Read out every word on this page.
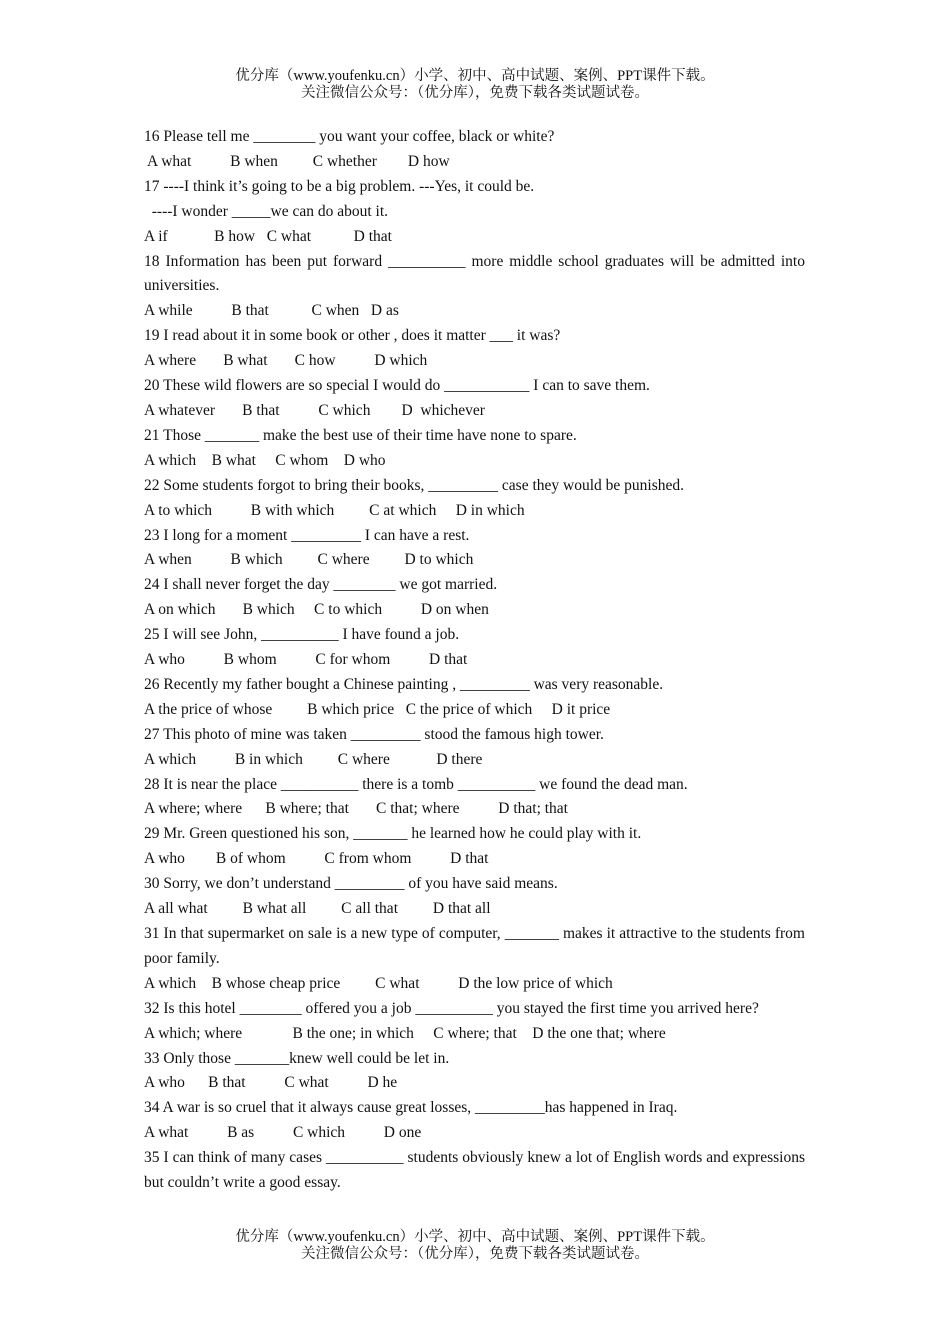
优分库（www.youfenku.cn）小学、初中、高中试题、案例、PPT课件下载。
关注微信公众号：（优分库），免费下载各类试题试卷。

16 Please tell me ________ you want your coffee, black or white?

A what          B when         C whether        D how

17 ----I think it’s going to be a big problem. ---Yes, it could be.

----I wonder _____we can do about it.

A if            B how   C what           D that

18 Information has been put forward __________ more middle school graduates will be admitted into universities.

A while          B that           C when   D as

19 I read about it in some book or other , does it matter ___ it was?

A where       B what       C how          D which

20 These wild flowers are so special I would do ___________ I can to save them.

A whatever       B that          C which        D  whichever

21 Those _______ make the best use of their time have none to spare.

A which    B what     C whom    D who

22 Some students forgot to bring their books, _________ case they would be punished.

A to which          B with which         C at which     D in which

23 I long for a moment _________ I can have a rest.

A when          B which         C where         D to which

24 I shall never forget the day ________ we got married.

A on which       B which     C to which          D on when

25 I will see John, __________ I have found a job.

A who          B whom          C for whom          D that

26 Recently my father bought a Chinese painting , _________ was very reasonable.

A the price of whose         B which price   C the price of which     D it price

27 This photo of mine was taken _________ stood the famous high tower.

A which          B in which         C where            D there

28 It is near the place __________ there is a tomb __________ we found the dead man.

A where; where      B where; that       C that; where          D that; that

29 Mr. Green questioned his son, _______ he learned how he could play with it.

A who        B of whom          C from whom          D that

30 Sorry, we don’t understand _________ of you have said means.

A all what         B what all         C all that         D that all

31 In that supermarket on sale is a new type of computer, _______ makes it attractive to the students from poor family.

A which    B whose cheap price         C what          D the low price of which

32 Is this hotel ________ offered you a job __________ you stayed the first time you arrived here?

A which; where             B the one; in which     C where; that    D the one that; where

33 Only those _______knew well could be let in.

A who      B that          C what          D he

34 A war is so cruel that it always cause great losses, _________has happened in Iraq.

A what          B as          C which          D one

35 I can think of many cases __________ students obviously knew a lot of English words and expressions but couldn’t write a good essay.

优分库（www.youfenku.cn）小学、初中、高中试题、案例、PPT课件下载。
关注微信公众号：（优分库），免费下载各类试题试卷。
